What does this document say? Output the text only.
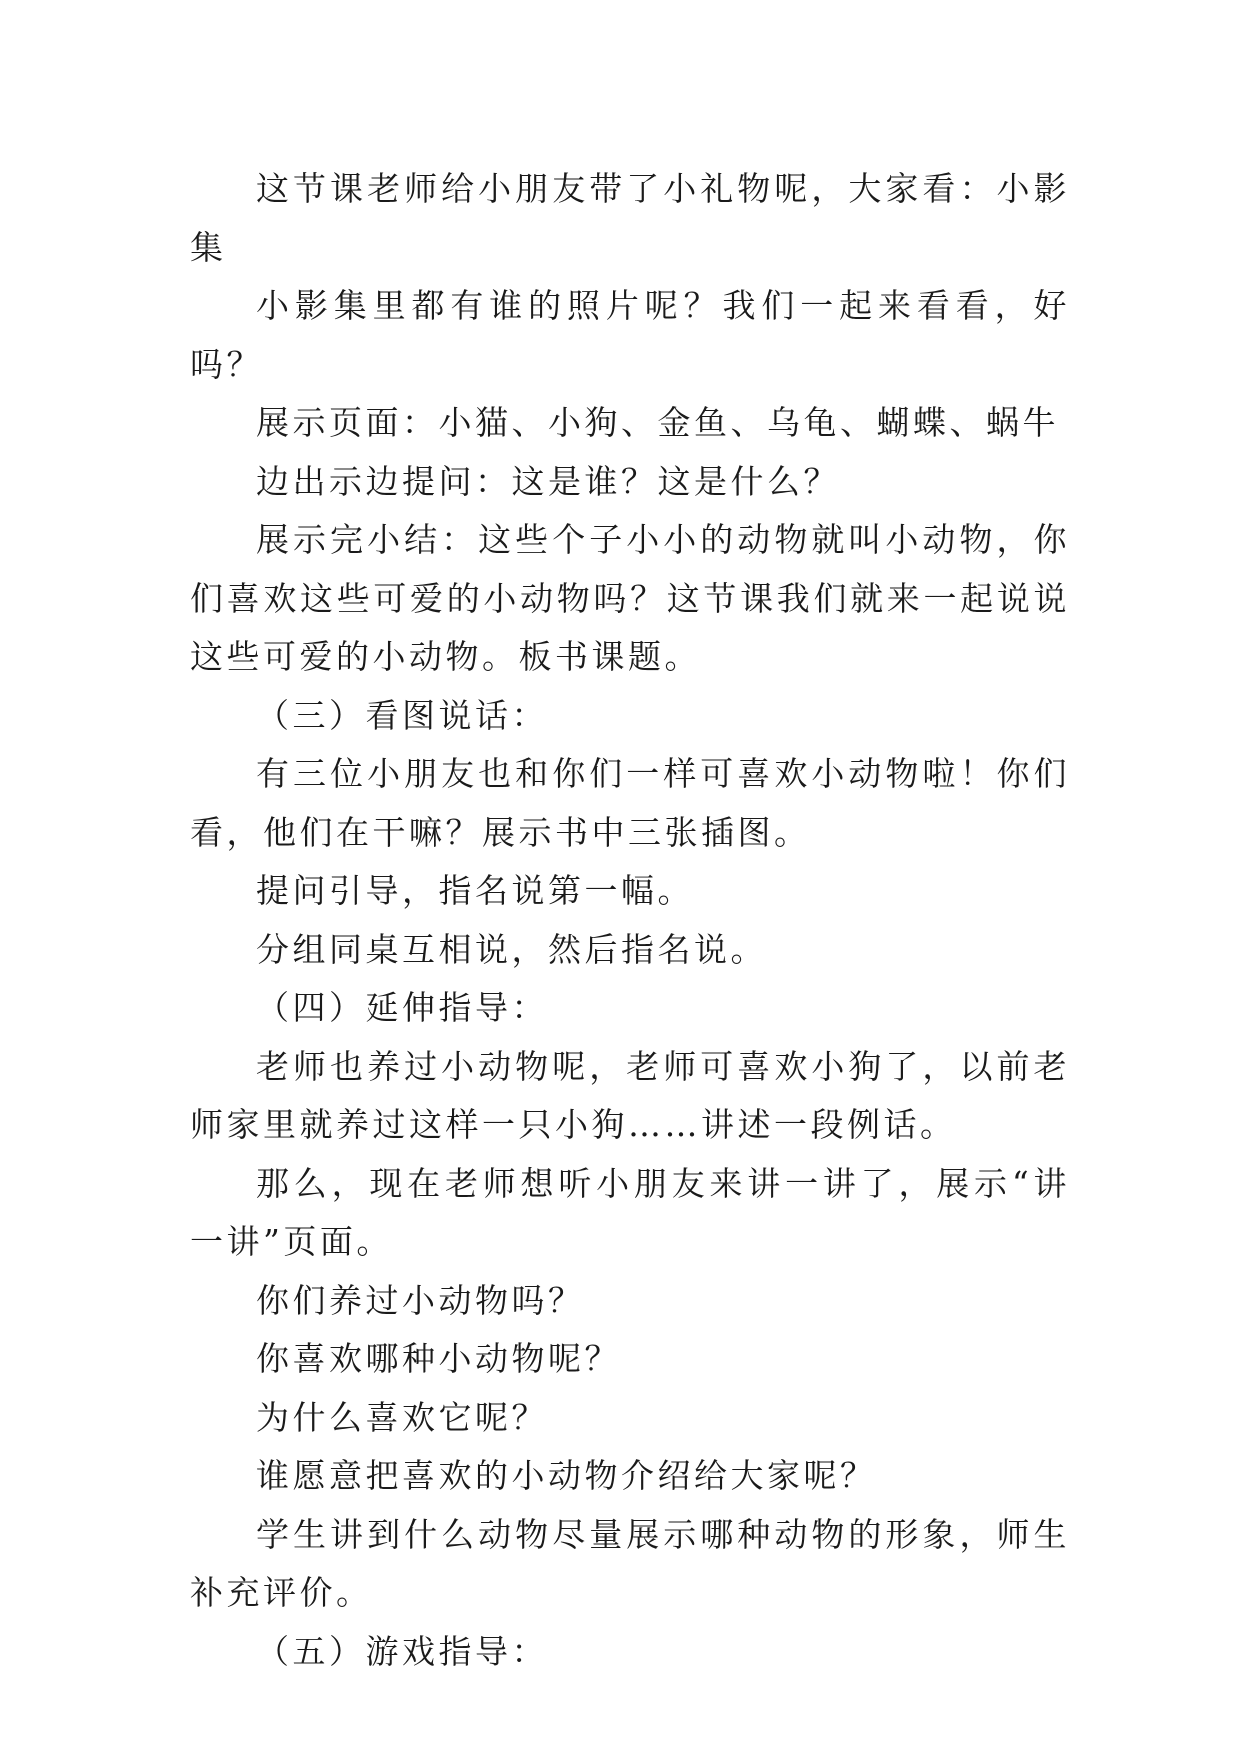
这节课老师给小朋友带了小礼物呢，大家看：小影集

小影集里都有谁的照片呢？我们一起来看看，好吗？

展示页面：小猫、小狗、金鱼、乌龟、蝴蝶、蜗牛

边出示边提问：这是谁？这是什么？

展示完小结：这些个子小小的动物就叫小动物，你们喜欢这些可爱的小动物吗？这节课我们就来一起说说这些可爱的小动物。板书课题。

（三）看图说话：

有三位小朋友也和你们一样可喜欢小动物啦！你们看，他们在干嘛？展示书中三张插图。

提问引导，指名说第一幅。

分组同桌互相说，然后指名说。

（四）延伸指导：

老师也养过小动物呢，老师可喜欢小狗了，以前老师家里就养过这样一只小狗……讲述一段例话。

那么，现在老师想听小朋友来讲一讲了，展示“讲一讲”页面。

你们养过小动物吗？

你喜欢哪种小动物呢？

为什么喜欢它呢？

谁愿意把喜欢的小动物介绍给大家呢？

学生讲到什么动物尽量展示哪种动物的形象，师生补充评价。

（五）游戏指导：
